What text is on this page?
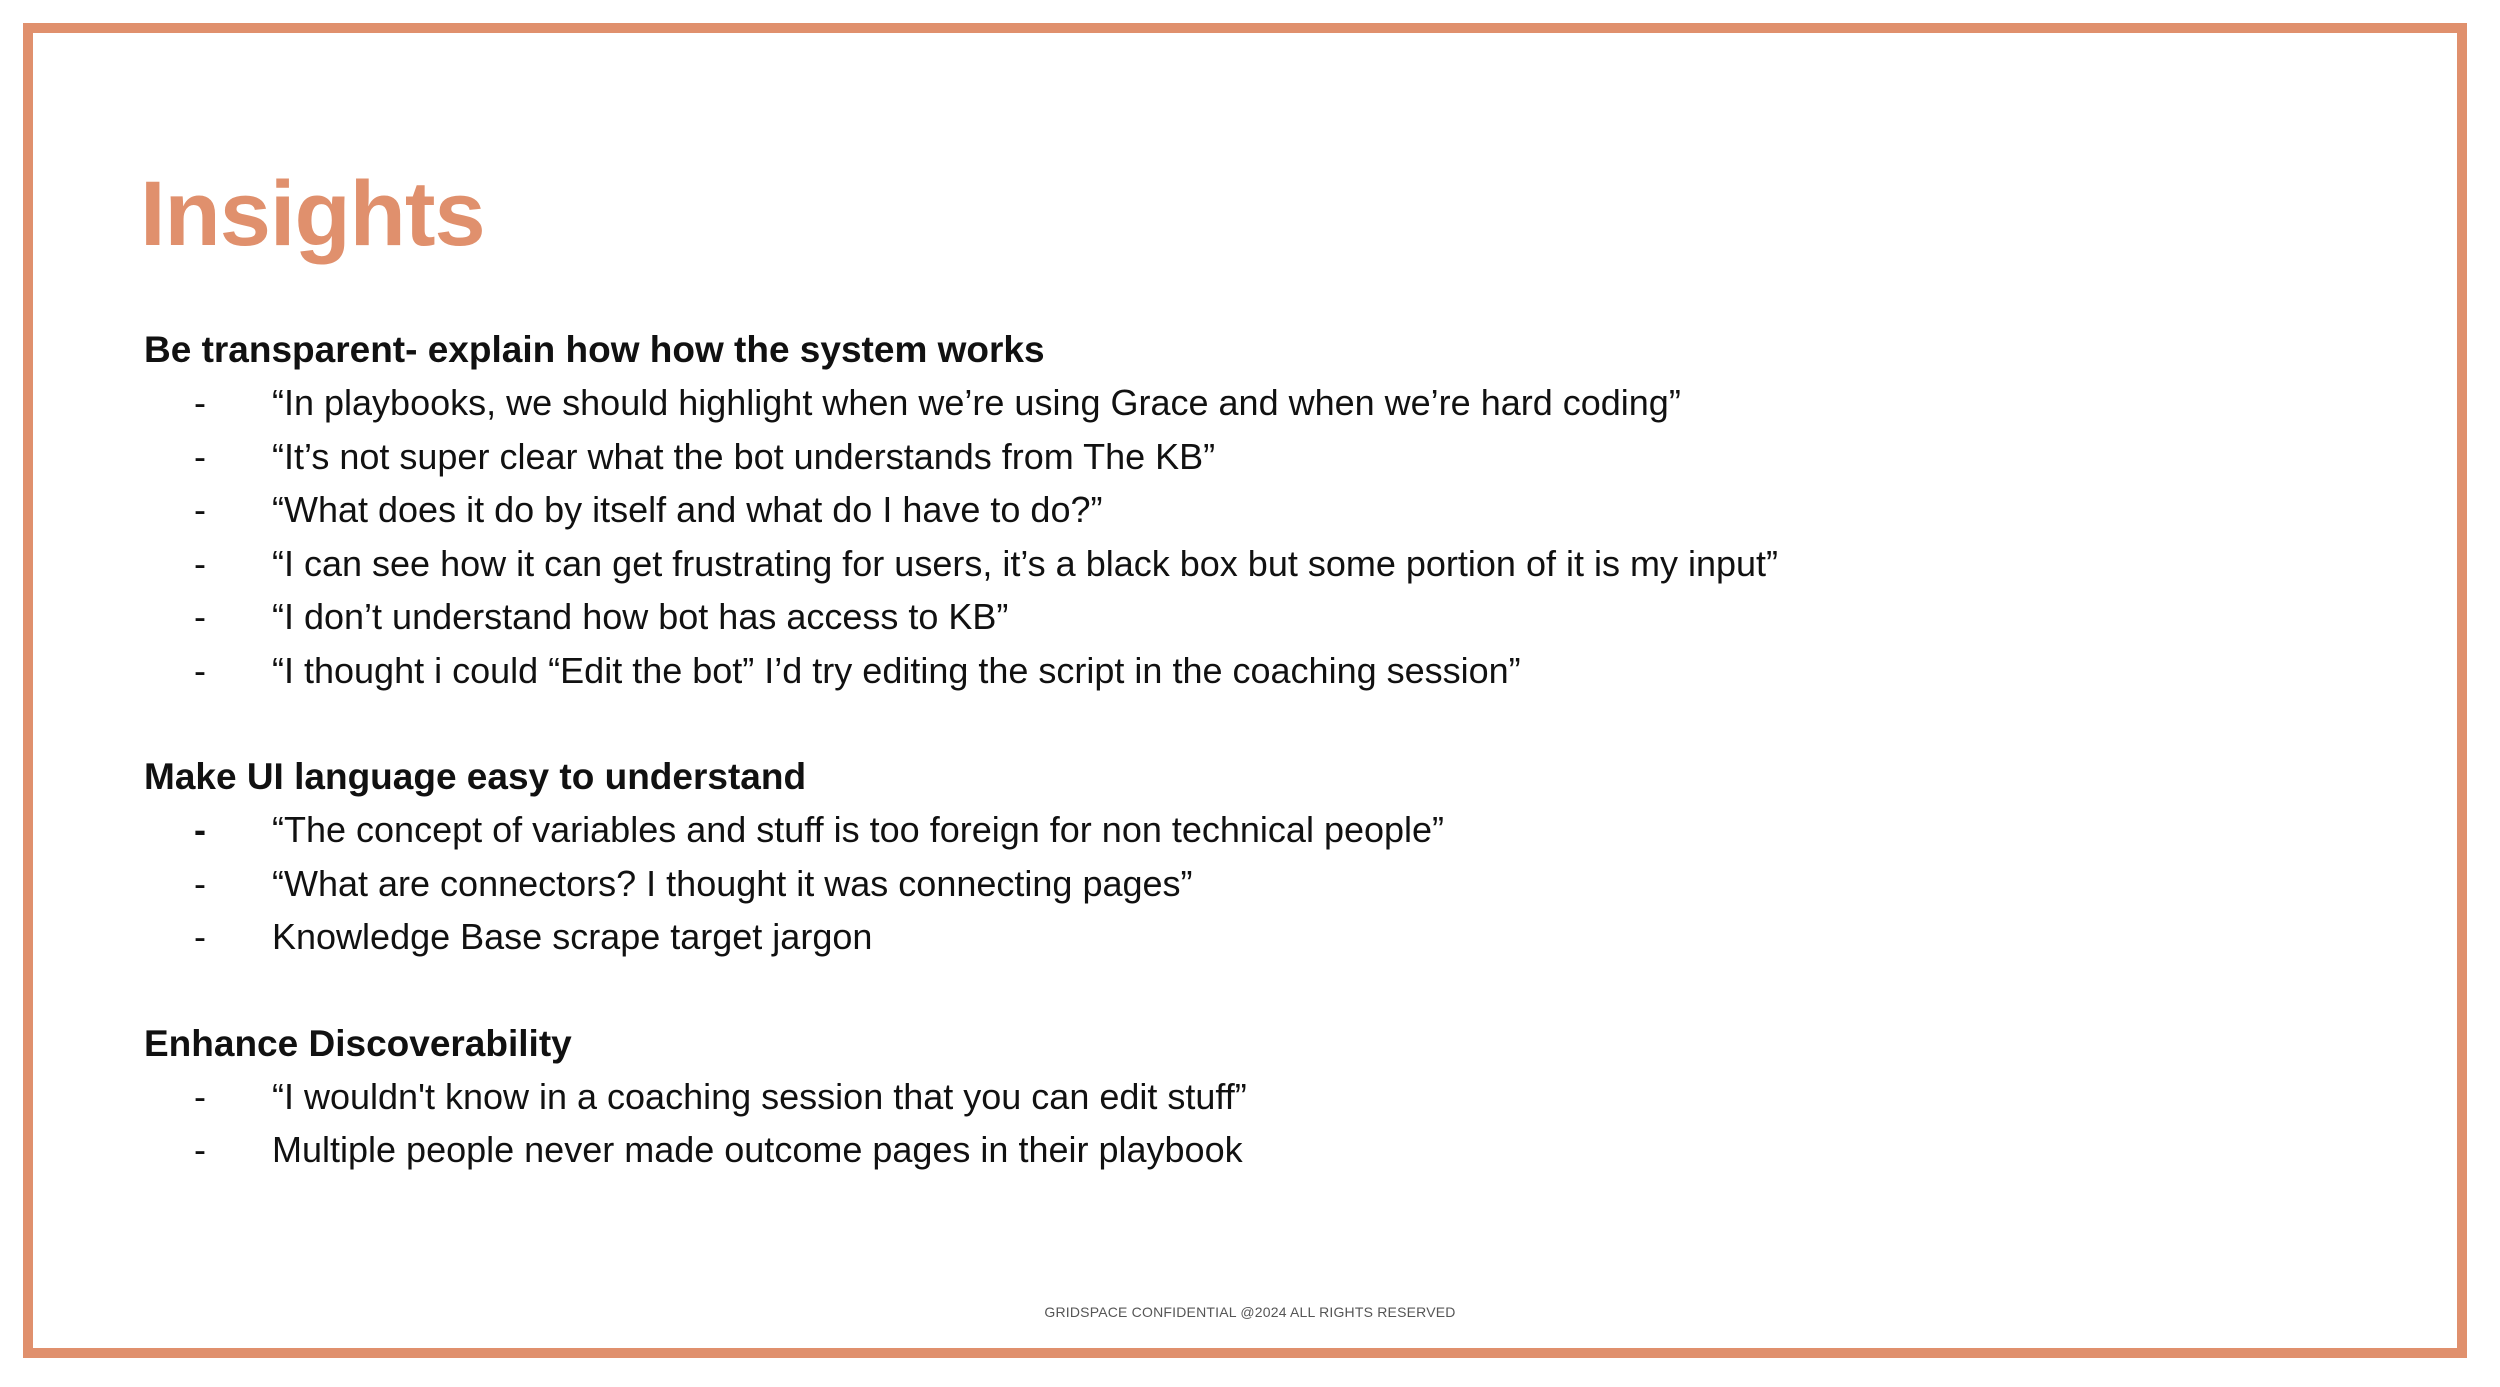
Insights
Be transparent- explain how how the system works
- “In playbooks, we should highlight when we’re using Grace and when we’re hard coding”
- “It’s not super clear what the bot understands from The KB”
- “What does it do by itself and what do I have to do?”
- “I can see how it can get frustrating for users, it’s a black box but some portion of it is my input”
- “I don’t understand how bot has access to KB”
- “I thought i could “Edit the bot” I’d try editing the script in the coaching session”
Make UI language easy to understand
- “The concept of variables and stuff is too foreign for non technical people”
- “What are connectors? I thought it was connecting pages”
- Knowledge Base scrape target jargon
Enhance Discoverability
- “I wouldn't know in a coaching session that you can edit stuff”
- Multiple people never made outcome pages in their playbook
GRIDSPACE CONFIDENTIAL @2024 ALL RIGHTS RESERVED
